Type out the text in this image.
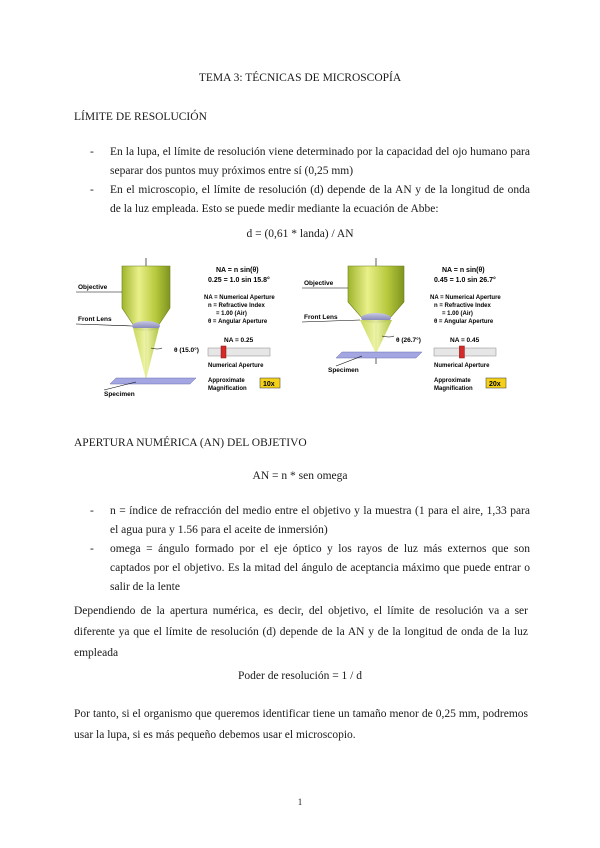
TEMA 3: TÉCNICAS DE MICROSCOPÍA
LÍMITE DE RESOLUCIÓN
- En la lupa, el límite de resolución viene determinado por la capacidad del ojo humano para separar dos puntos muy próximos entre sí (0,25 mm)
- En el microscopio, el límite de resolución (d) depende de la AN y de la longitud de onda de la luz empleada. Esto se puede medir mediante la ecuación de Abbe:
d = (0,61 * landa) / AN
Objective
Front Lens
Specimen
θ (15.0°)
NA = n sin(θ)
0.25 = 1.0 sin 15.8°
NA = Numerical Aperture
n = Refractive Index
= 1.00 (Air)
θ = Angular Aperture
NA = 0.25
Numerical Aperture
Approximate
Magnification
10x
Objective
Front Lens
Specimen
θ (26.7°)
NA = n sin(θ)
0.45 = 1.0 sin 26.7°
NA = Numerical Aperture
n = Refractive Index
= 1.00 (Air)
θ = Angular Aperture
NA = 0.45
Numerical Aperture
Approximate
Magnification
20x
APERTURA NUMÉRICA (AN) DEL OBJETIVO
AN = n * sen omega
- n = índice de refracción del medio entre el objetivo y la muestra (1 para el aire, 1,33 para el agua pura y 1.56 para el aceite de inmersión)
- omega = ángulo formado por el eje óptico y los rayos de luz más externos que son captados por el objetivo. Es la mitad del ángulo de aceptancia máximo que puede entrar o salir de la lente
Dependiendo de la apertura numérica, es decir, del objetivo, el límite de resolución va a ser diferente ya que el límite de resolución (d) depende de la AN y de la longitud de onda de la luz empleada
Poder de resolución = 1 / d
Por tanto, si el organismo que queremos identificar tiene un tamaño menor de 0,25 mm, podremos usar la lupa, si es más pequeño debemos usar el microscopio.
1
